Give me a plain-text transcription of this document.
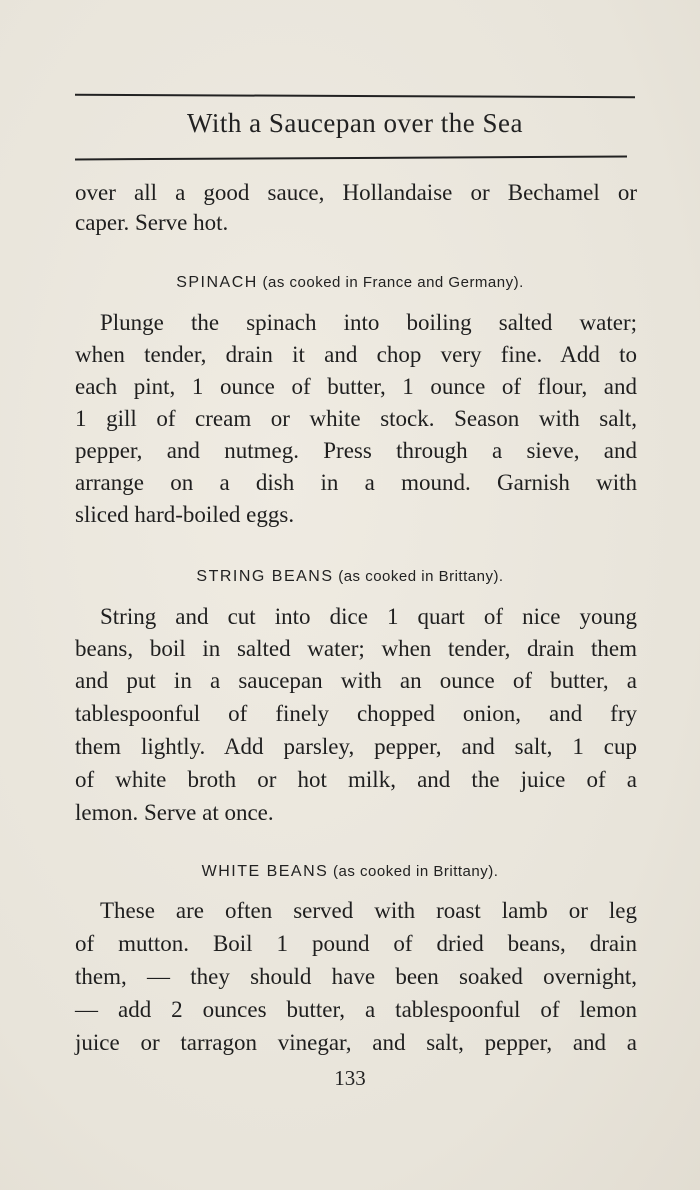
With a Saucepan over the Sea
over all a good sauce, Hollandaise or Bechamel or
caper. Serve hot.
SPINACH (as cooked in France and Germany).
Plunge the spinach into boiling salted water;
when tender, drain it and chop very fine. Add to
each pint, 1 ounce of butter, 1 ounce of flour, and
1 gill of cream or white stock. Season with salt,
pepper, and nutmeg. Press through a sieve, and
arrange on a dish in a mound. Garnish with
sliced hard-boiled eggs.
STRING BEANS (as cooked in Brittany).
String and cut into dice 1 quart of nice young
beans, boil in salted water; when tender, drain them
and put in a saucepan with an ounce of butter, a
tablespoonful of finely chopped onion, and fry
them lightly. Add parsley, pepper, and salt, 1 cup
of white broth or hot milk, and the juice of a
lemon. Serve at once.
WHITE BEANS (as cooked in Brittany).
These are often served with roast lamb or leg
of mutton. Boil 1 pound of dried beans, drain
them, — they should have been soaked overnight,
— add 2 ounces butter, a tablespoonful of lemon
juice or tarragon vinegar, and salt, pepper, and a
133
